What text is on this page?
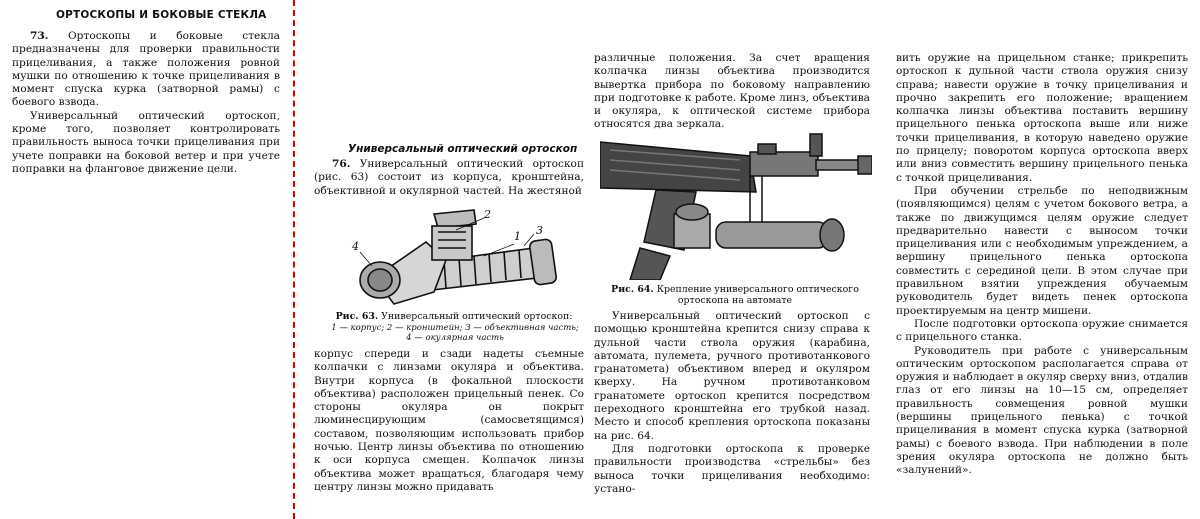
ОРТОСКОПЫ И БОКОВЫЕ СТЕКЛА

73. Ортоскопы и боковые стекла предназначены для проверки правильности прицеливания, а также положения ровной мушки по отношению к точке прицеливания в момент спуска курка (затворной рамы) с боевого взвода.

Универсальный оптический ортоскоп, кроме того, позволяет контролировать правильность выноса точки прицеливания при учете поправки на боковой ветер и при учете поправки на фланговое движение цели.

Универсальный оптический ортоскоп

76. Универсальный оптический ортоскоп (рис. 63) состоит из корпуса, кронштейна, объективной и окулярной частей. На жестяной

1
2
3
4
Рис. 63. Универсальный оптический ортоскоп:
1 — корпус; 2 — кронштейн; 3 — объективная часть; 4 — окулярная часть

корпус спереди и сзади надеты съемные колпачки с линзами окуляра и объектива. Внутри корпуса (в фокальной плоскости объектива) расположен прицельный пенек. Со стороны окуляра он покрыт люминесцирующим (самосветящимся) составом, позволяющим использовать прибор ночью. Центр линзы объектива по отношению к оси корпуса смещен. Колпачок линзы объектива может вращаться, благодаря чему центру линзы можно придавать

различные положения. За счет вращения колпачка линзы объектива производится вывертка прибора по боковому направлению при подготовке к работе. Кроме линз, объектива и окуляра, к оптической системе прибора относятся два зеркала.

Рис. 64. Крепление универсального оптического ортоскопа на автомате

Универсальный оптический ортоскоп с помощью кронштейна крепится снизу справа к дульной части ствола оружия (карабина, автомата, пулемета, ручного противотанкового гранатомета) объективом вперед и окуляром кверху. На ручном противотанковом гранатомете ортоскоп крепится посредством переходного кронштейна его трубкой назад. Место и способ крепления ортоскопа показаны на рис. 64.

Для подготовки ортоскопа к проверке правильности производства «стрельбы» без выноса точки прицеливания необходимо: устано-

вить оружие на прицельном станке; прикрепить ортоскоп к дульной части ствола оружия снизу справа; навести оружие в точку прицеливания и прочно закрепить его положение; вращением колпачка линзы объектива поставить вершину прицельного пенька ортоскопа выше или ниже точки прицеливания, в которую наведено оружие по прицелу; поворотом корпуса ортоскопа вверх или вниз совместить вершину прицельного пенька с точкой прицеливания.

При обучении стрельбе по неподвижным (появляющимся) целям с учетом бокового ветра, а также по движущимся целям оружие следует предварительно навести с выносом точки прицеливания или с необходимым упреждением, а вершину прицельного пенька ортоскопа совместить с серединой цели. В этом случае при правильном взятии упреждения обучаемым руководитель будет видеть пенек ортоскопа проектируемым на центр мишени.

После подготовки ортоскопа оружие снимается с прицельного станка.

Руководитель при работе с универсальным оптическим ортоскопом располагается справа от оружия и наблюдает в окуляр сверху вниз, отдалив глаз от его линзы на 10—15 см, определяет правильность совмещения ровной мушки (вершины прицельного пенька) с точкой прицеливания в момент спуска курка (затворной рамы) с боевого взвода. При наблюдении в поле зрения окуляра ортоскопа не должно быть «залунений».
